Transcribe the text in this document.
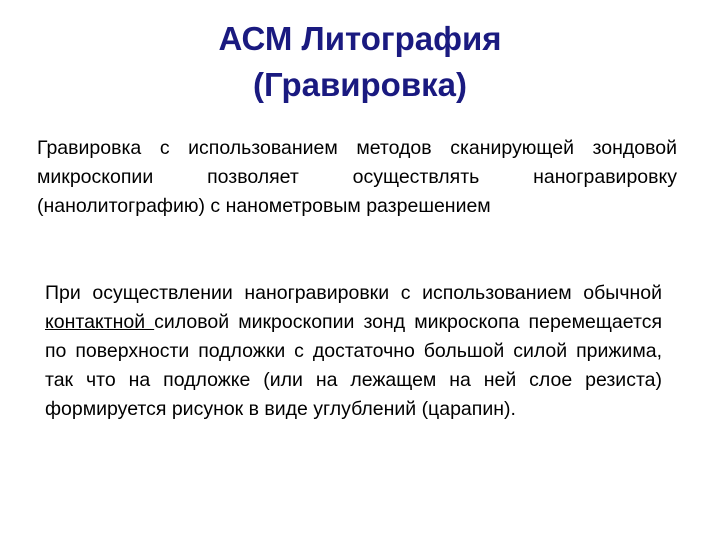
АСМ Литография
(Гравировка)
Гравировка с использованием методов сканирующей зондовой микроскопии позволяет осуществлять наногравировку (нанолитографию) с нанометровым разрешением
При осуществлении наногравировки с использованием обычной контактной силовой микроскопии зонд микроскопа перемещается по поверхности подложки с достаточно большой силой прижима, так что на подложке (или на лежащем на ней слое резиста) формируется рисунок в виде углублений (царапин).
